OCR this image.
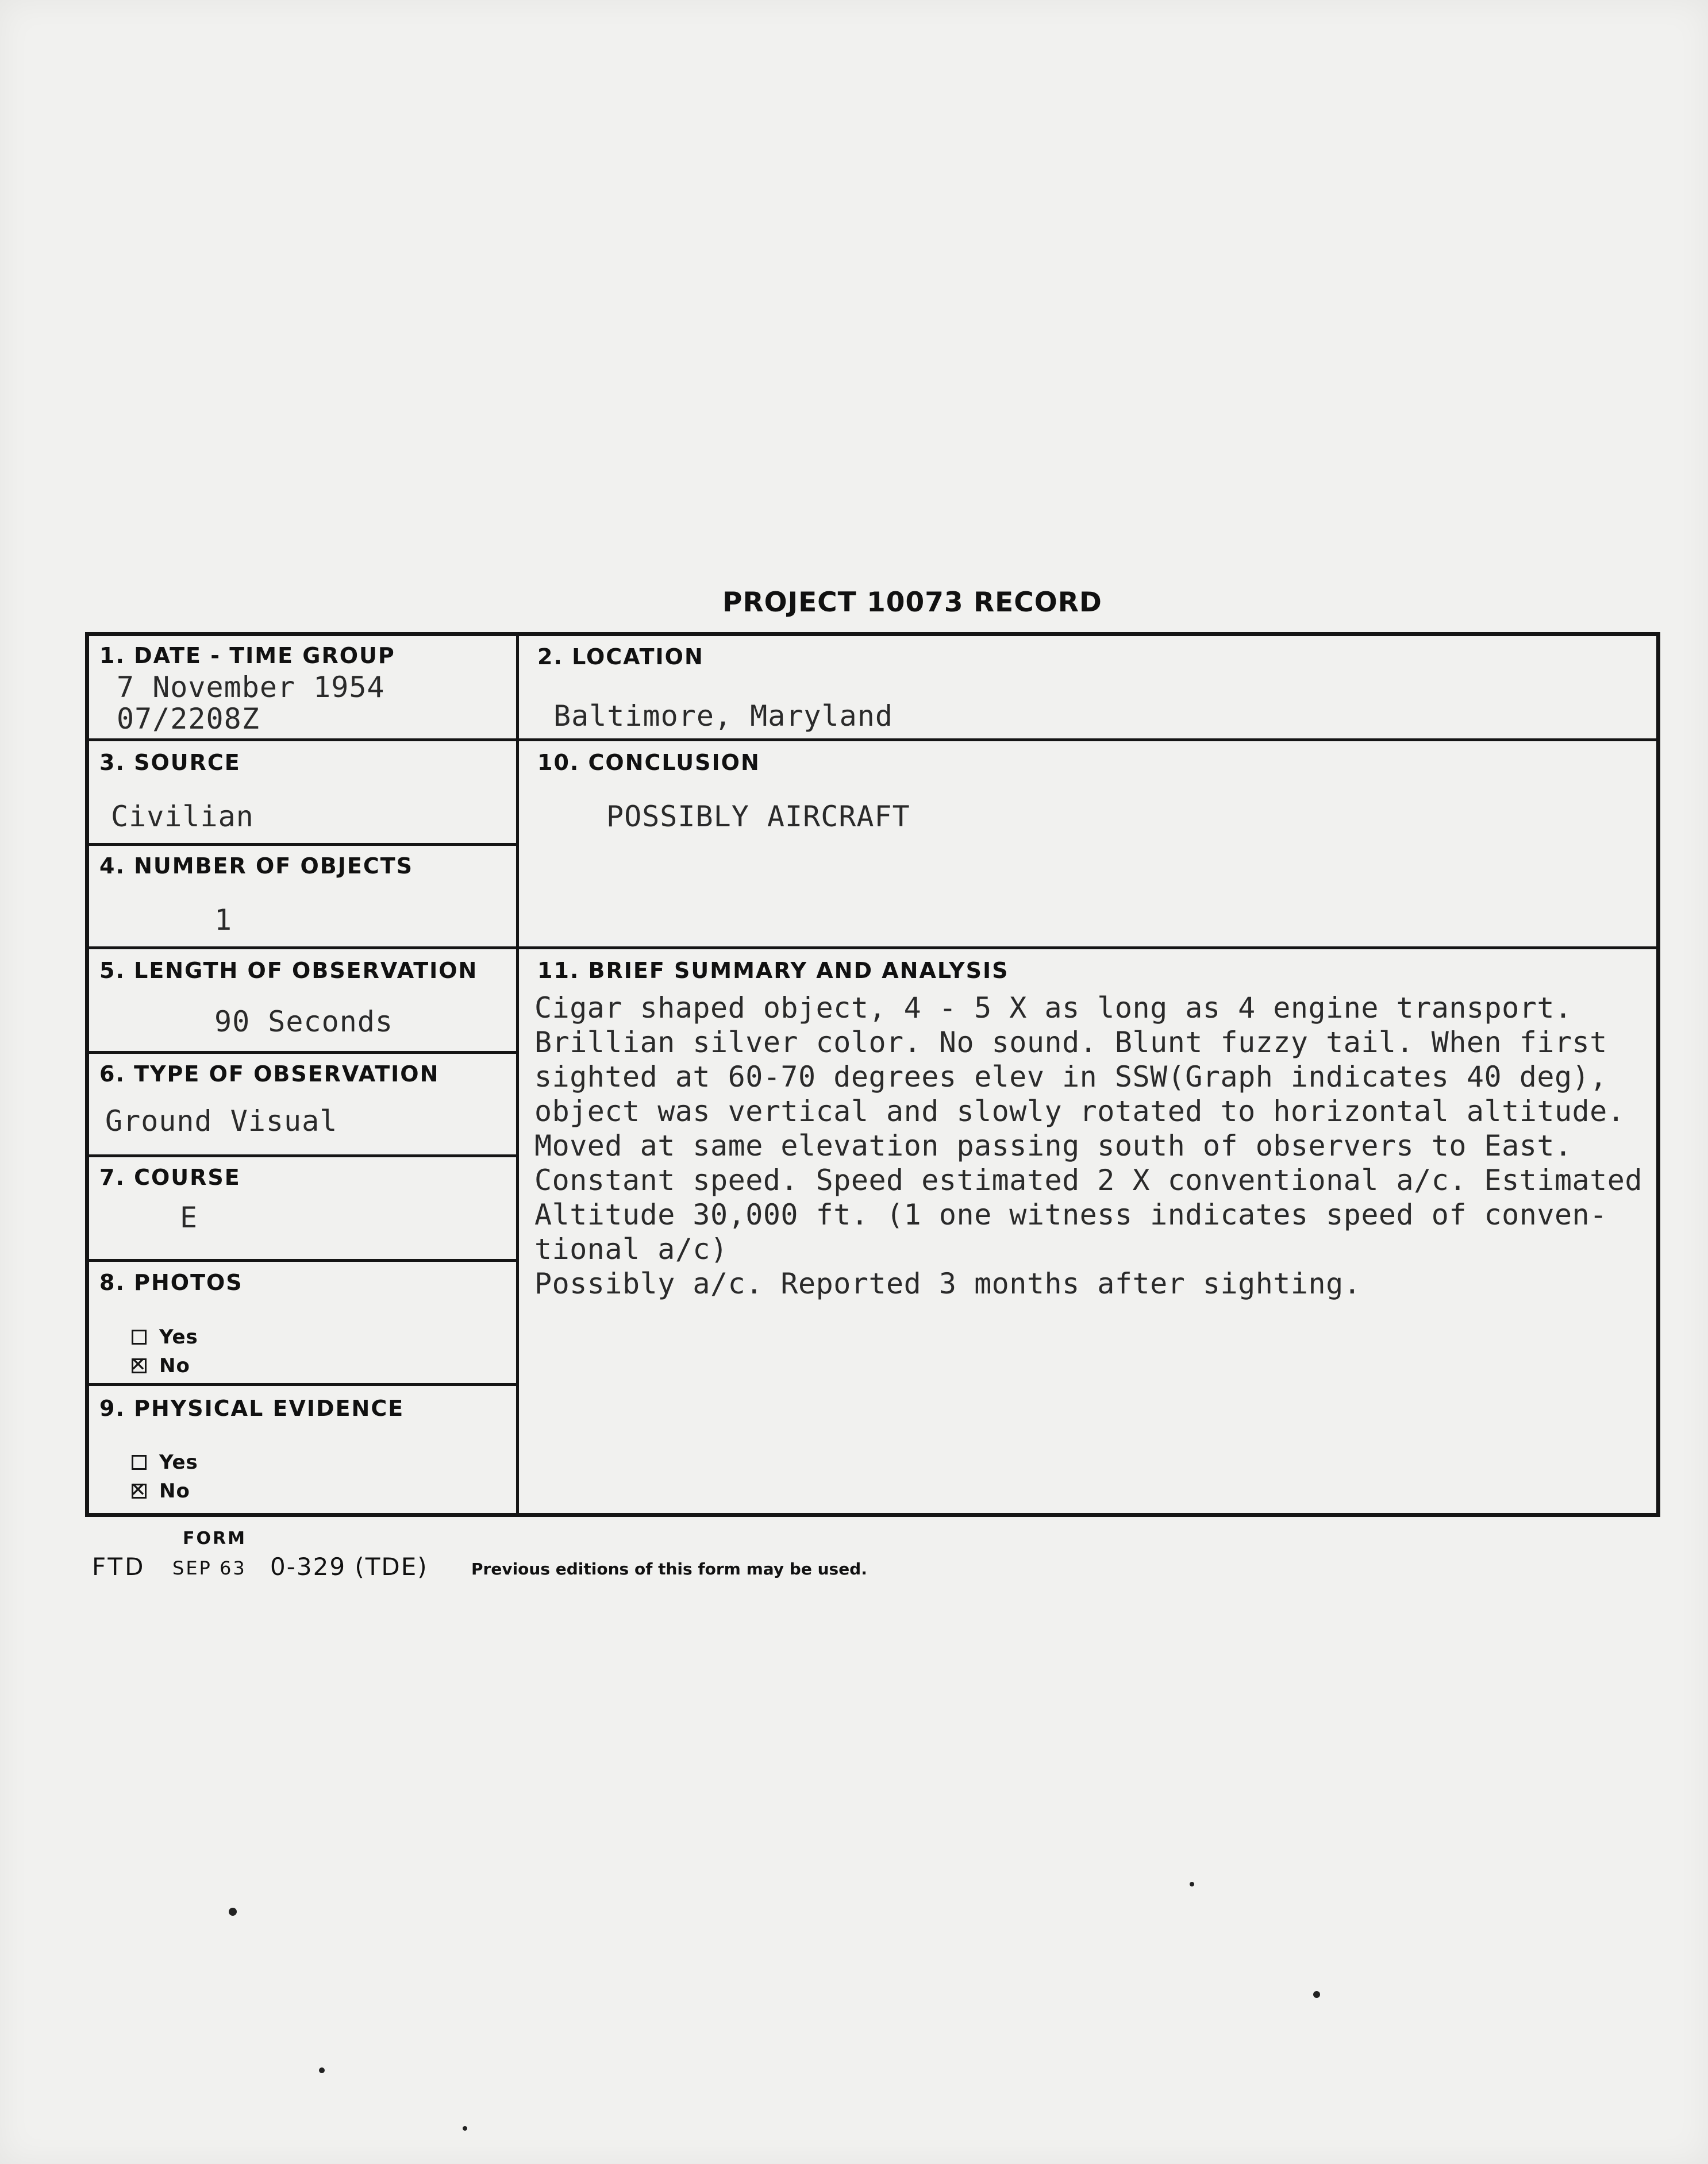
PROJECT 10073 RECORD
1. DATE - TIME GROUP
7 November 1954
07/2208Z
3. SOURCE
Civilian
4. NUMBER OF OBJECTS
1
5. LENGTH OF OBSERVATION
90 Seconds
6. TYPE OF OBSERVATION
Ground Visual
7. COURSE
E
8. PHOTOS
Yes
✕
No
9. PHYSICAL EVIDENCE
Yes
✕
No
2. LOCATION
Baltimore, Maryland
10. CONCLUSION
POSSIBLY AIRCRAFT
11. BRIEF SUMMARY AND ANALYSIS
Cigar shaped object, 4 - 5 X as long as 4 engine transport.
Brillian silver color. No sound. Blunt fuzzy tail. When first
sighted at 60-70 degrees elev in SSW(Graph indicates 40 deg),
object was vertical and slowly rotated to horizontal altitude.
Moved at same elevation passing south of observers to East.
Constant speed. Speed estimated 2 X conventional a/c. Estimated
Altitude 30,000 ft. (1 one witness indicates speed of conven-
tional a/c)
Possibly a/c. Reported 3 months after sighting.
FORM
FTD SEP 63 0-329 (TDE)	Previous editions of this form may be used.
